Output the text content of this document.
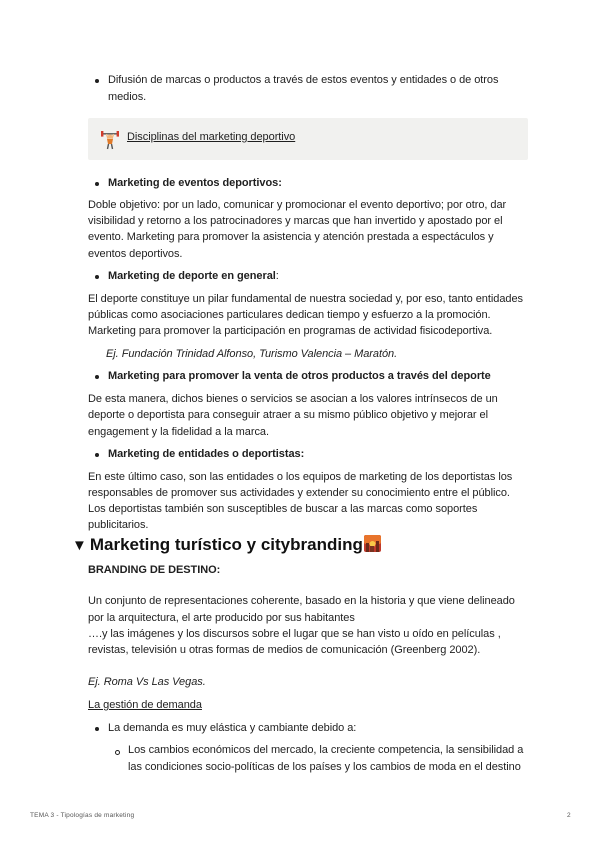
Difusión de marcas o productos a través de estos eventos y entidades o de otros
medios.
Disciplinas del marketing deportivo
Marketing de eventos deportivos:
Doble objetivo: por un lado, comunicar y promocionar el evento deportivo; por otro, dar
visibilidad y retorno a los patrocinadores y marcas que han invertido y apostado por el
evento. Marketing para promover la asistencia y atención prestada a espectáculos y
eventos deportivos.
Marketing de deporte en general:
El deporte constituye un pilar fundamental de nuestra sociedad y, por eso, tanto entidades
públicas como asociaciones particulares dedican tiempo y esfuerzo a la promoción.
Marketing para promover la participación en programas de actividad fisicodeportiva.
Ej. Fundación Trinidad Alfonso, Turismo Valencia – Maratón.
Marketing para promover la venta de otros productos a través del deporte
De esta manera, dichos bienes o servicios se asocian a los valores intrínsecos de un
deporte o deportista para conseguir atraer a su mismo público objetivo y mejorar el
engagement y la fidelidad a la marca.
Marketing de entidades o deportistas:
En este último caso, son las entidades o los equipos de marketing de los deportistas los
responsables de promover sus actividades y extender su conocimiento entre el público.
Los deportistas también son susceptibles de buscar a las marcas como soportes
publicitarios.
▼ Marketing turístico y citybranding
BRANDING DE DESTINO:
Un conjunto de representaciones coherente, basado en la historia y que viene delineado
por la arquitectura, el arte producido por sus habitantes
….y las imágenes y los discursos sobre el lugar que se han visto u oído en películas ,
revistas, televisión u otras formas de medios de comunicación (Greenberg 2002).
Ej. Roma Vs Las Vegas.
La gestión de demanda
La demanda es muy elástica y cambiante debido a:
Los cambios económicos del mercado, la creciente competencia, la sensibilidad a
las condiciones socio-políticas de los países y los cambios de moda en el destino
TEMA 3 - Tipologías de marketing	2
